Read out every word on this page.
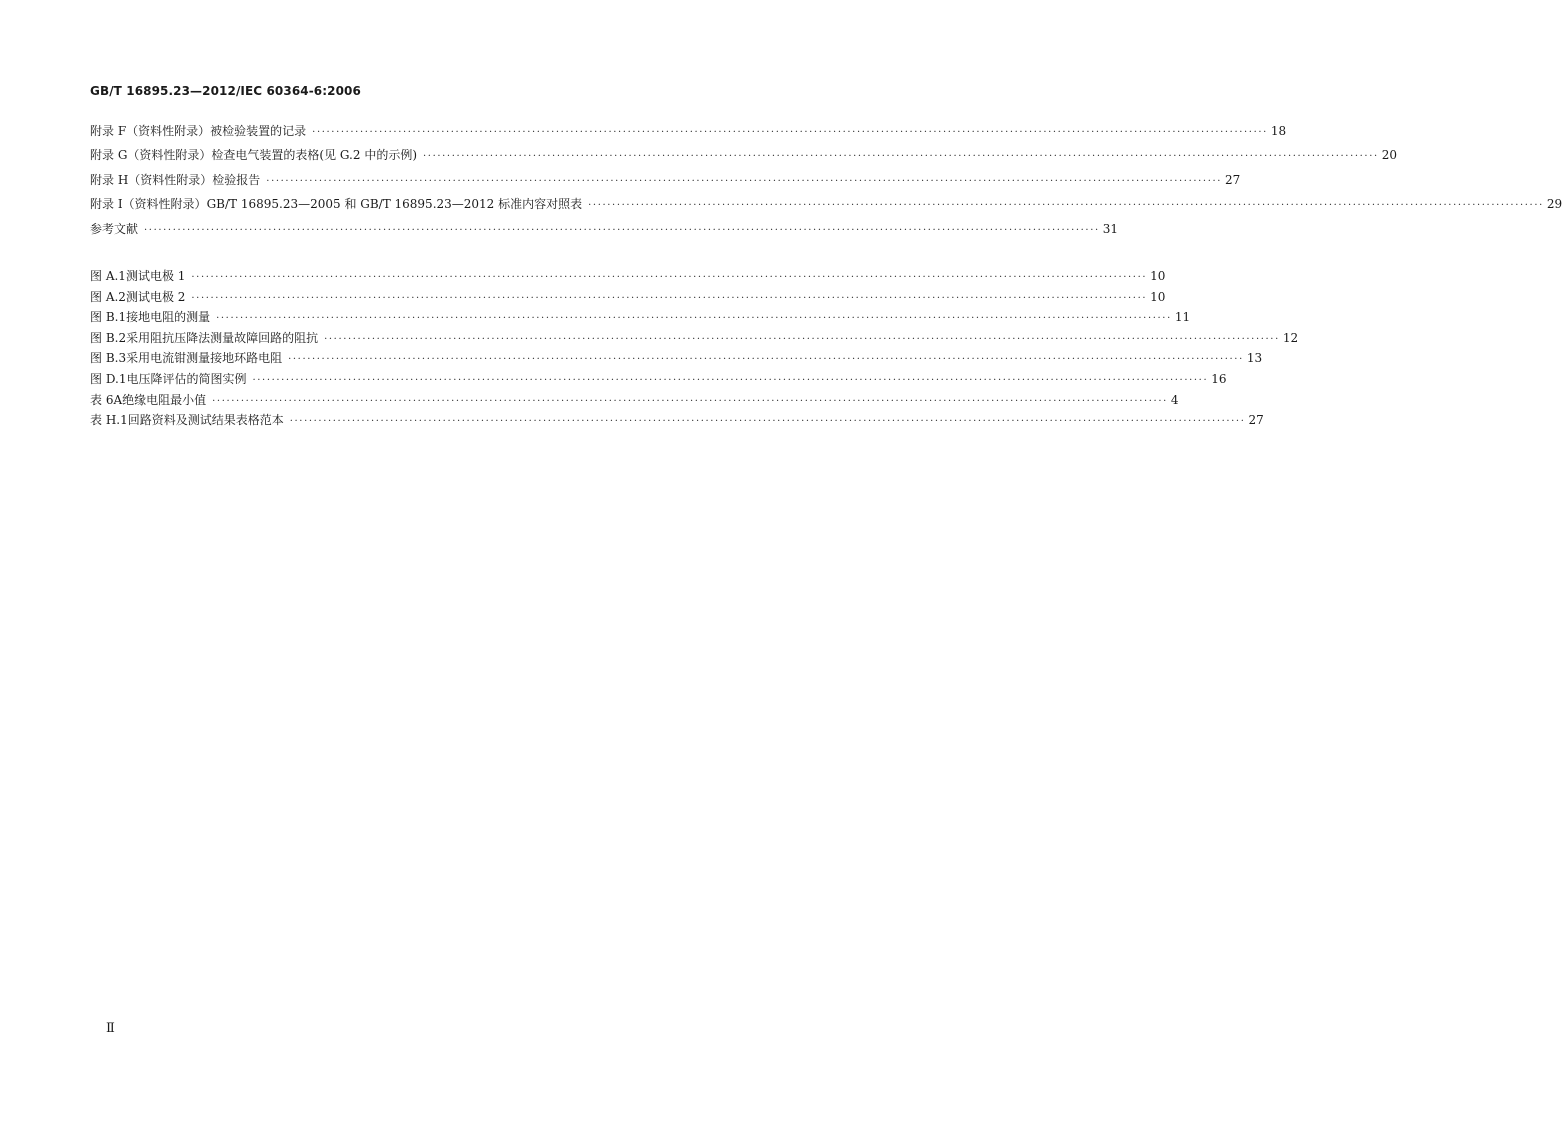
GB/T 16895.23—2012/IEC 60364-6:2006
附录 F（资料性附录） 被检验装置的记录 ········································································································································································································ 18
附录 G（资料性附录） 检查电气装置的表格(见 G.2 中的示例) ········································································································································································································ 20
附录 H（资料性附录） 检验报告 ········································································································································································································ 27
附录 I（资料性附录） GB/T 16895.23—2005 和 GB/T 16895.23—2012 标准内容对照表 ········································································································································································································ 29
参考文献 ········································································································································································································ 31
图 A.1 测试电极 1 ········································································································································································································ 10
图 A.2 测试电极 2 ········································································································································································································ 10
图 B.1 接地电阻的测量 ········································································································································································································ 11
图 B.2 采用阻抗压降法测量故障回路的阻抗 ········································································································································································································ 12
图 B.3 采用电流钳测量接地环路电阻 ········································································································································································································ 13
图 D.1 电压降评估的简图实例 ········································································································································································································ 16
表 6A 绝缘电阻最小值 ········································································································································································································ 4
表 H.1 回路资料及测试结果表格范本 ········································································································································································································ 27
Ⅱ
